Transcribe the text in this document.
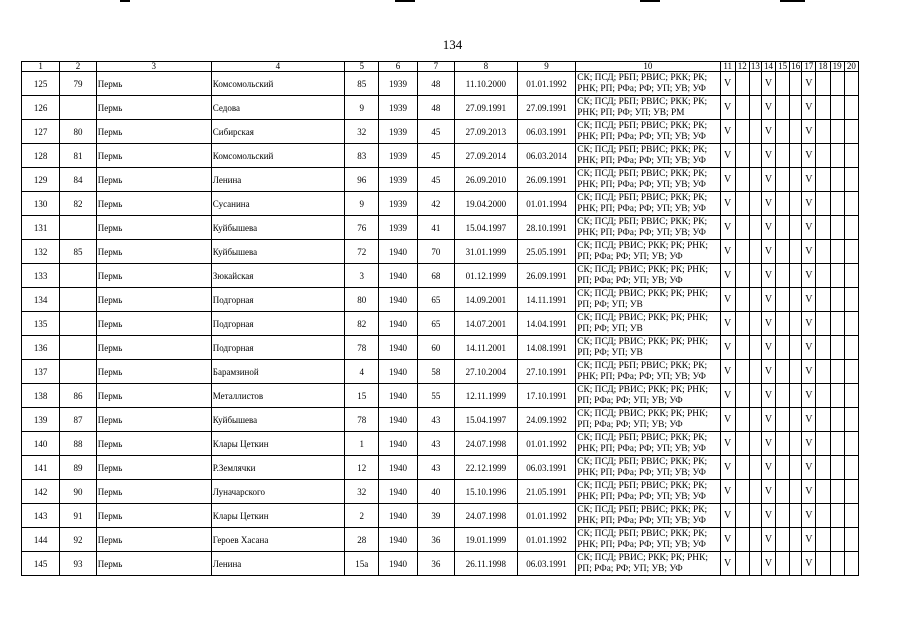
134
1	2	3	4	5	6	7	8	9	10	11	12	13	14	15	16	17	18	19	20
125	79	Пермь	Комсомольский	85	1939	48	11.10.2000	01.01.1992	СК; ПСД; РБП; РВИС; РКК; РК;
РНК; РП; РФа; РФ; УП; УВ; УФ	V			V			V			
126		Пермь	Седова	9	1939	48	27.09.1991	27.09.1991	СК; ПСД; РБП; РВИС; РКК; РК;
РНК; РП; РФ; УП; УВ; РМ	V			V			V			
127	80	Пермь	Сибирская	32	1939	45	27.09.2013	06.03.1991	СК; ПСД; РБП; РВИС; РКК; РК;
РНК; РП; РФа; РФ; УП; УВ; УФ	V			V			V			
128	81	Пермь	Комсомольский	83	1939	45	27.09.2014	06.03.2014	СК; ПСД; РБП; РВИС; РКК; РК;
РНК; РП; РФа; РФ; УП; УВ; УФ	V			V			V			
129	84	Пермь	Ленина	96	1939	45	26.09.2010	26.09.1991	СК; ПСД; РБП; РВИС; РКК; РК;
РНК; РП; РФа; РФ; УП; УВ; УФ	V			V			V			
130	82	Пермь	Сусанина	9	1939	42	19.04.2000	01.01.1994	СК; ПСД; РБП; РВИС; РКК; РК;
РНК; РП; РФа; РФ; УП; УВ; УФ	V			V			V			
131		Пермь	Куйбышева	76	1939	41	15.04.1997	28.10.1991	СК; ПСД; РБП; РВИС; РКК; РК;
РНК; РП; РФа; РФ; УП; УВ; УФ	V			V			V			
132	85	Пермь	Куйбышева	72	1940	70	31.01.1999	25.05.1991	СК; ПСД; РВИС; РКК; РК; РНК;
РП; РФа; РФ; УП; УВ; УФ	V			V			V			
133		Пермь	Зюкайская	3	1940	68	01.12.1999	26.09.1991	СК; ПСД; РВИС; РКК; РК; РНК;
РП; РФа; РФ; УП; УВ; УФ	V			V			V			
134		Пермь	Подгорная	80	1940	65	14.09.2001	14.11.1991	СК; ПСД; РВИС; РКК; РК; РНК;
РП; РФ; УП; УВ	V			V			V			
135		Пермь	Подгорная	82	1940	65	14.07.2001	14.04.1991	СК; ПСД; РВИС; РКК; РК; РНК;
РП; РФ; УП; УВ	V			V			V			
136		Пермь	Подгорная	78	1940	60	14.11.2001	14.08.1991	СК; ПСД; РВИС; РКК; РК; РНК;
РП; РФ; УП; УВ	V			V			V			
137		Пермь	Барамзиной	4	1940	58	27.10.2004	27.10.1991	СК; ПСД; РБП; РВИС; РКК; РК;
РНК; РП; РФа; РФ; УП; УВ; УФ	V			V			V			
138	86	Пермь	Металлистов	15	1940	55	12.11.1999	17.10.1991	СК; ПСД; РВИС; РКК; РК; РНК;
РП; РФа; РФ; УП; УВ; УФ	V			V			V			
139	87	Пермь	Куйбышева	78	1940	43	15.04.1997	24.09.1992	СК; ПСД; РВИС; РКК; РК; РНК;
РП; РФа; РФ; УП; УВ; УФ	V			V			V			
140	88	Пермь	Клары Цеткин	1	1940	43	24.07.1998	01.01.1992	СК; ПСД; РБП; РВИС; РКК; РК;
РНК; РП; РФа; РФ; УП; УВ; УФ	V			V			V			
141	89	Пермь	Р.Землячки	12	1940	43	22.12.1999	06.03.1991	СК; ПСД; РБП; РВИС; РКК; РК;
РНК; РП; РФа; РФ; УП; УВ; УФ	V			V			V			
142	90	Пермь	Луначарского	32	1940	40	15.10.1996	21.05.1991	СК; ПСД; РБП; РВИС; РКК; РК;
РНК; РП; РФа; РФ; УП; УВ; УФ	V			V			V			
143	91	Пермь	Клары Цеткин	2	1940	39	24.07.1998	01.01.1992	СК; ПСД; РБП; РВИС; РКК; РК;
РНК; РП; РФа; РФ; УП; УВ; УФ	V			V			V			
144	92	Пермь	Героев Хасана	28	1940	36	19.01.1999	01.01.1992	СК; ПСД; РБП; РВИС; РКК; РК;
РНК; РП; РФа; РФ; УП; УВ; УФ	V			V			V			
145	93	Пермь	Ленина	15а	1940	36	26.11.1998	06.03.1991	СК; ПСД; РВИС; РКК; РК; РНК;
РП; РФа; РФ; УП; УВ; УФ	V			V			V			
